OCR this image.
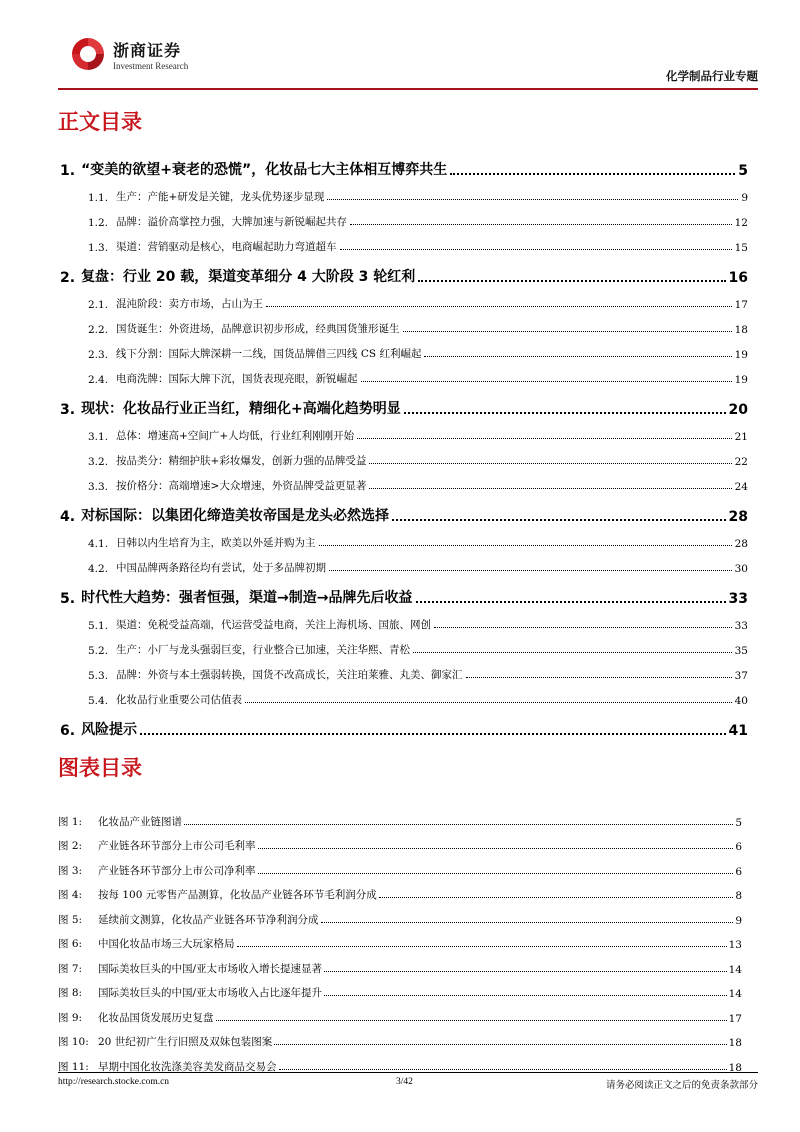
浙商证券
Investment Research
化学制品行业专题
正文目录
1. “变美的欲望+衰老的恐慌”，化妆品七大主体相互博弈共生	5
1.1. 生产：产能+研发是关键，龙头优势逐步显现	9
1.2. 品牌：溢价高掌控力强，大牌加速与新锐崛起共存	12
1.3. 渠道：营销驱动是核心，电商崛起助力弯道超车	15
2. 复盘：行业 20 载，渠道变革细分 4 大阶段 3 轮红利	16
2.1. 混沌阶段：卖方市场，占山为王	17
2.2. 国货诞生：外资进场，品牌意识初步形成，经典国货雏形诞生	18
2.3. 线下分割：国际大牌深耕一二线，国货品牌借三四线 CS 红利崛起	19
2.4. 电商洗牌：国际大牌下沉，国货表现亮眼，新锐崛起	19
3. 现状：化妆品行业正当红，精细化+高端化趋势明显	20
3.1. 总体：增速高+空间广+人均低，行业红利刚刚开始	21
3.2. 按品类分：精细护肤+彩妆爆发，创新力强的品牌受益	22
3.3. 按价格分：高端增速>大众增速，外资品牌受益更显著	24
4. 对标国际：以集团化缔造美妆帝国是龙头必然选择	28
4.1. 日韩以内生培育为主，欧美以外延并购为主	28
4.2. 中国品牌两条路径均有尝试，处于多品牌初期	30
5. 时代性大趋势：强者恒强，渠道→制造→品牌先后收益	33
5.1. 渠道：免税受益高端，代运营受益电商，关注上海机场、国旅、网创	33
5.2. 生产：小厂与龙头强弱巨变，行业整合已加速，关注华熙、青松	35
5.3. 品牌：外资与本土强弱转换，国货不改高成长，关注珀莱雅、丸美、御家汇	37
5.4. 化妆品行业重要公司估值表	40
6. 风险提示	41
图表目录
图 1:	化妆品产业链图谱	5
图 2:	产业链各环节部分上市公司毛利率	6
图 3:	产业链各环节部分上市公司净利率	6
图 4:	按每 100 元零售产品测算，化妆品产业链各环节毛利润分成	8
图 5:	延续前文测算，化妆品产业链各环节净利润分成	9
图 6:	中国化妆品市场三大玩家格局	13
图 7:	国际美妆巨头的中国/亚太市场收入增长提速显著	14
图 8:	国际美妆巨头的中国/亚太市场收入占比逐年提升	14
图 9:	化妆品国货发展历史复盘	17
图 10: 20 世纪初广生行旧照及双妹包装图案	18
图 11: 早期中国化妆洗涤美容美发商品交易会	18
http://research.stocke.com.cn	3/42	请务必阅读正文之后的免责条款部分
